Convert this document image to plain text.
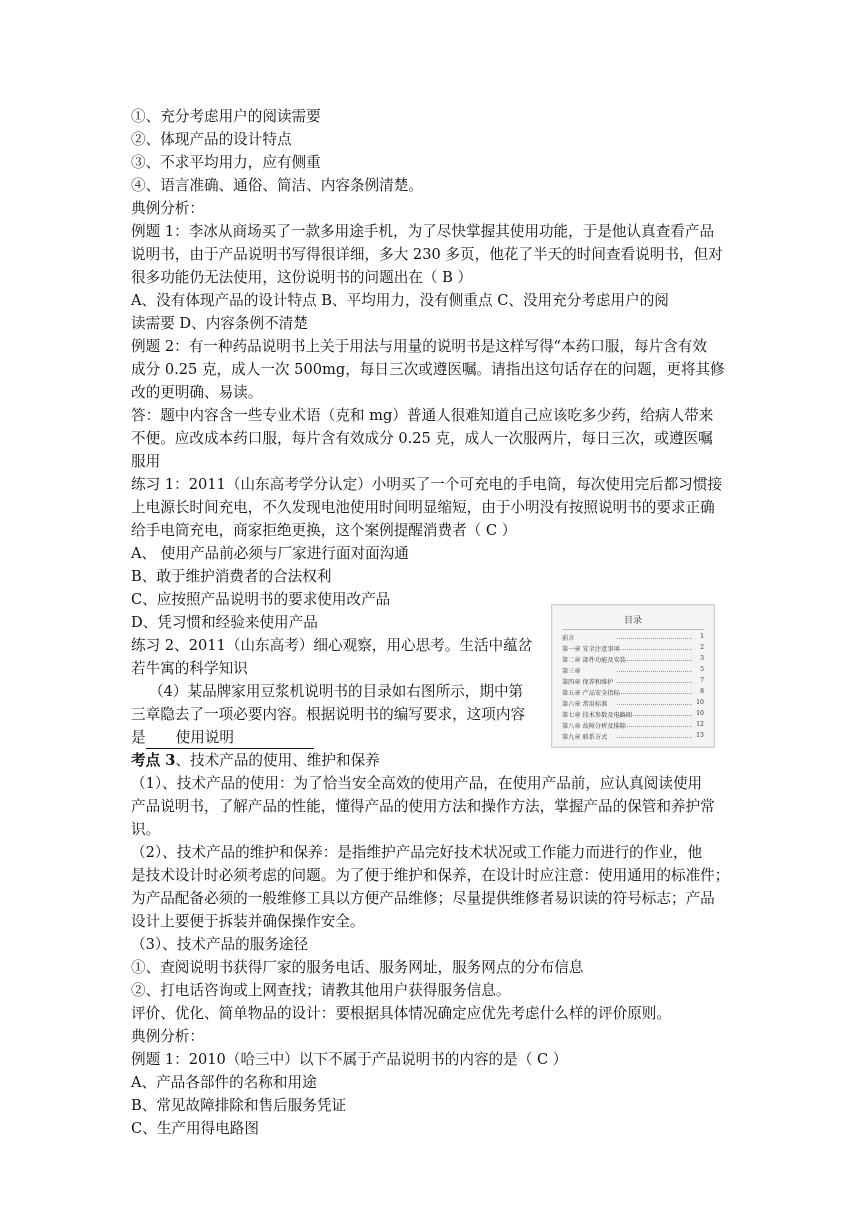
①、充分考虑用户的阅读需要
②、体现产品的设计特点
③、不求平均用力，应有侧重
④、语言准确、通俗、简洁、内容条例清楚。
典例分析：
例题 1：李冰从商场买了一款多用途手机，为了尽快掌握其使用功能，于是他认真查看产品
说明书，由于产品说明书写得很详细，多大 230 多页，他花了半天的时间查看说明书，但对
很多功能仍无法使用，这份说明书的问题出在（ B ）
A、没有体现产品的设计特点 B、平均用力，没有侧重点 C、没用充分考虑用户的阅
读需要 D、内容条例不清楚
例题 2：有一种药品说明书上关于用法与用量的说明书是这样写得“本药口服，每片含有效
成分 0.25 克，成人一次 500mg，每日三次或遵医嘱。请指出这句话存在的问题，更将其修
改的更明确、易读。
答：题中内容含一些专业术语（克和 mg）普通人很难知道自己应该吃多少药，给病人带来
不便。应改成本药口服，每片含有效成分 0.25 克，成人一次服两片，每日三次，或遵医嘱
服用
练习 1：2011（山东高考学分认定）小明买了一个可充电的手电筒，每次使用完后都习惯接
上电源长时间充电，不久发现电池使用时间明显缩短，由于小明没有按照说明书的要求正确
给手电筒充电，商家拒绝更换，这个案例提醒消费者（ C ）
A、 使用产品前必须与厂家进行面对面沟通
B、敢于维护消费者的合法权利
C、应按照产品说明书的要求使用改产品
D、凭习惯和经验来使用产品
练习 2、2011（山东高考）细心观察，用心思考。生活中蕴岔
若牛寓的科学知识
（4）某品牌家用豆浆机说明书的目录如右图所示，期中第
三章隐去了一项必要内容。根据说明书的编写要求，这项内容
是 使用说明
考点 3、技术产品的使用、维护和保养
（1）、技术产品的使用：为了恰当安全高效的使用产品，在使用产品前，应认真阅读使用
产品说明书，了解产品的性能，懂得产品的使用方法和操作方法，掌握产品的保管和养护常
识。
（2）、技术产品的维护和保养：是指维护产品完好技术状况或工作能力而进行的作业，他
是技术设计时必须考虑的问题。为了便于维护和保养，在设计时应注意：使用通用的标准件；
为产品配备必须的一般维修工具以方便产品维修；尽量提供维修者易识读的符号标志；产品
设计上要便于拆装并确保操作安全。
（3）、技术产品的服务途径
①、查阅说明书获得厂家的服务电话、服务网址，服务网点的分布信息
②、打电话咨询或上网查找；请教其他用户获得服务信息。
评价、优化、简单物品的设计：要根据具体情况确定应优先考虑什么样的评价原则。
典例分析：
例题 1：2010（哈三中）以下不属于产品说明书的内容的是（ C ）
A、产品各部件的名称和用途
B、常见故障排除和售后服务凭证
C、生产用得电路图
目录
前言	1
第一章 安全注意事项	2
第二章 部件功能及安装	3
第三章	5
第四章 保养和维护	7
第五章 产品安全指标	8
第六章 常用标准	10
第七章 技术参数及电路图	10
第八章 故障分析及排除	12
第九章 联系方式	13
